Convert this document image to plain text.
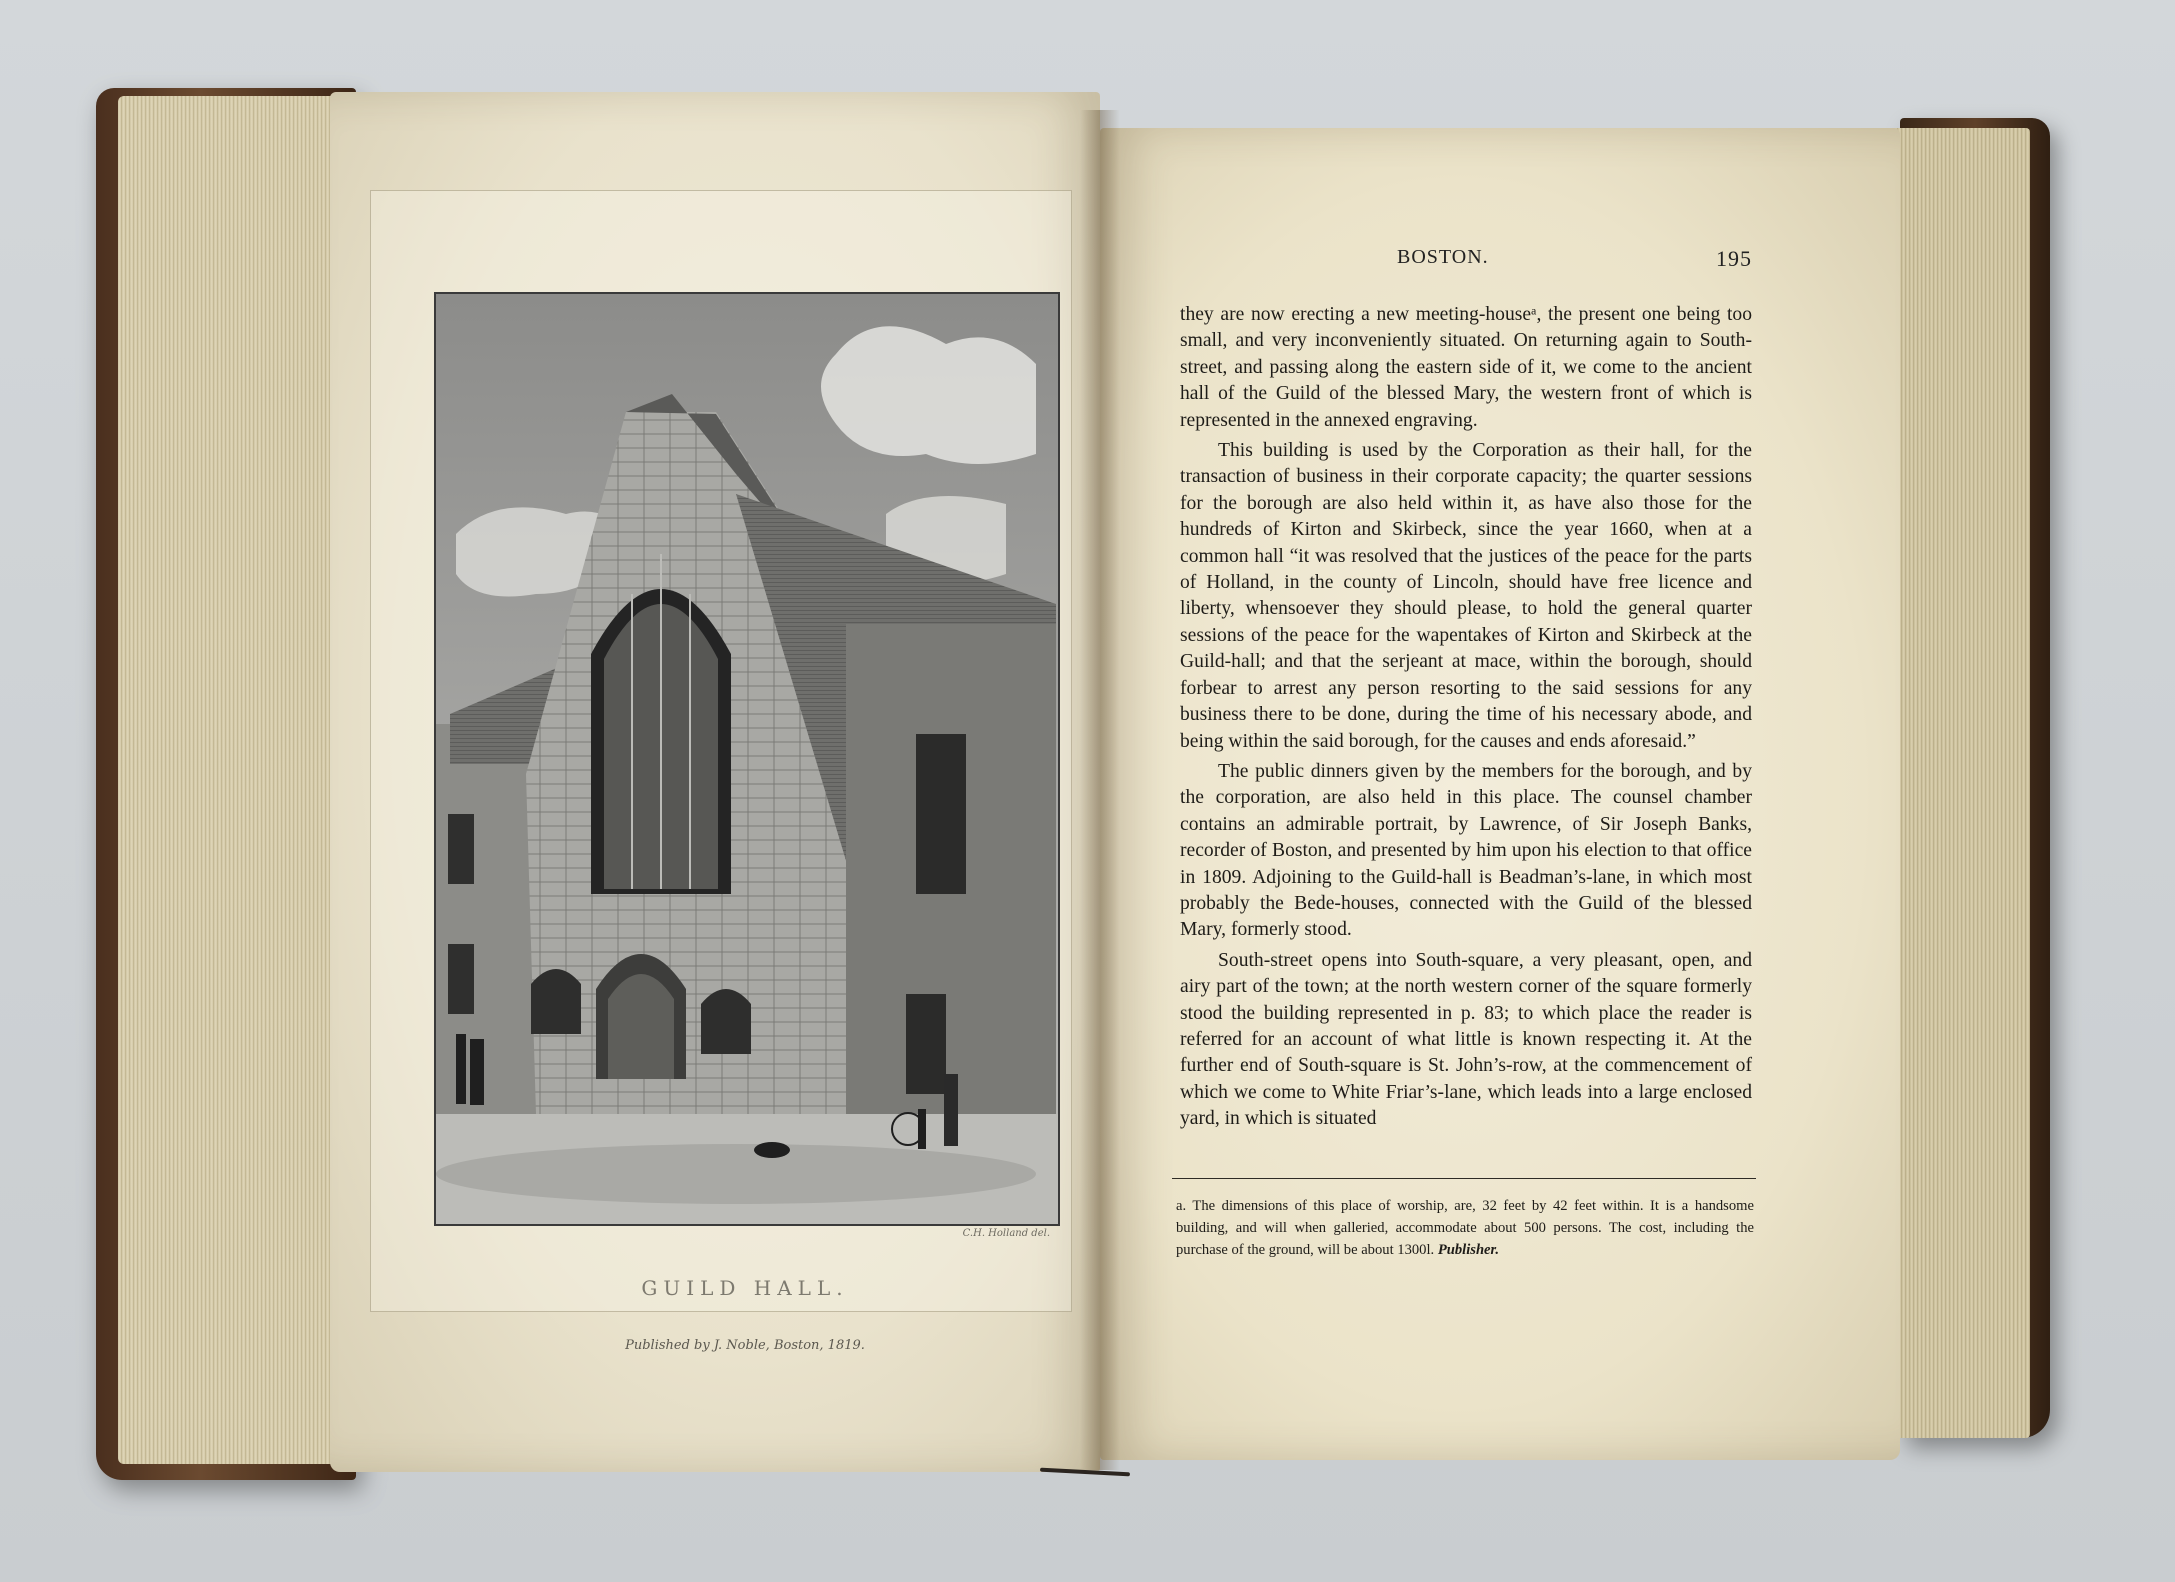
C.H. Holland del.
GUILD HALL.
Published by J. Noble, Boston, 1819.
BOSTON.	195

they are now erecting a new meeting-houseᵃ, the present one being too small, and very inconveniently situated. On returning again to South-street, and passing along the eastern side of it, we come to the ancient hall of the Guild of the blessed Mary, the western front of which is represented in the annexed engraving.

This building is used by the Corporation as their hall, for the transaction of business in their corporate capacity; the quarter sessions for the borough are also held within it, as have also those for the hundreds of Kirton and Skirbeck, since the year 1660, when at a common hall “it was resolved that the justices of the peace for the parts of Holland, in the county of Lincoln, should have free licence and liberty, whensoever they should please, to hold the general quarter sessions of the peace for the wapentakes of Kirton and Skirbeck at the Guild-hall; and that the serjeant at mace, within the borough, should forbear to arrest any person resorting to the said sessions for any business there to be done, during the time of his necessary abode, and being within the said borough, for the causes and ends aforesaid.”

The public dinners given by the members for the borough, and by the corporation, are also held in this place. The counsel chamber contains an admirable portrait, by Lawrence, of Sir Joseph Banks, recorder of Boston, and presented by him upon his election to that office in 1809. Adjoining to the Guild-hall is Beadman’s-lane, in which most probably the Bede-houses, connected with the Guild of the blessed Mary, formerly stood.

South-street opens into South-square, a very pleasant, open, and airy part of the town; at the north western corner of the square formerly stood the building represented in p. 83; to which place the reader is referred for an account of what little is known respecting it. At the further end of South-square is St. John’s-row, at the commencement of which we come to White Friar’s-lane, which leads into a large enclosed yard, in which is situated

a. The dimensions of this place of worship, are, 32 feet by 42 feet within. It is a handsome building, and will when galleried, accommodate about 500 persons. The cost, including the purchase of the ground, will be about 1300l. Publisher.
